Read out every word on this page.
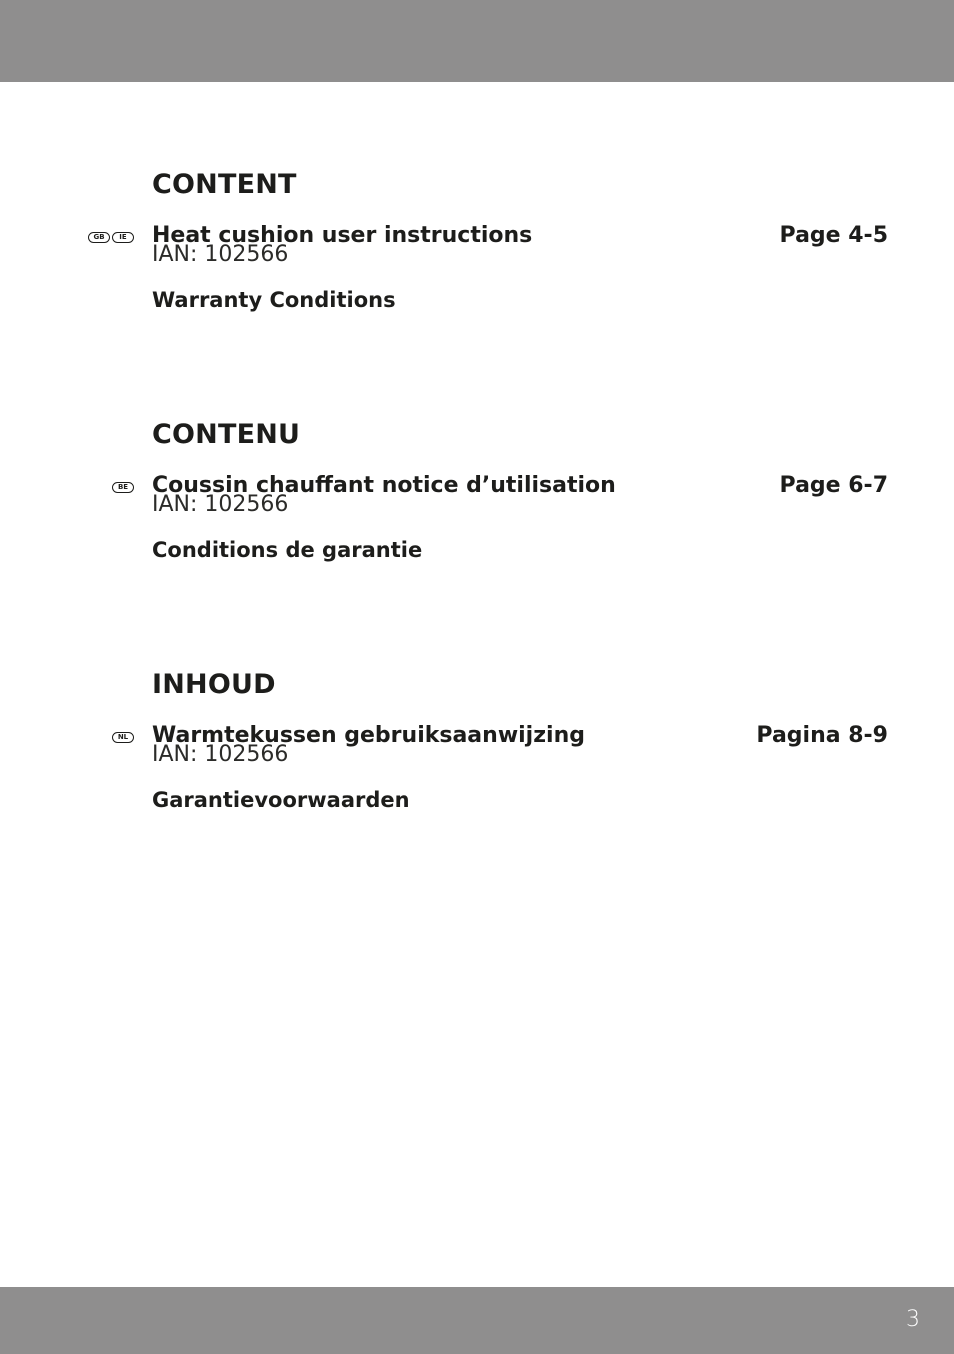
CONTENT
GB	IE	Heat cushion user instructions	Page 4-5
IAN: 102566
Warranty Conditions
CONTENU
BE Coussin chauffant notice d’utilisation	Page 6-7
IAN: 102566
Conditions de garantie
INHOUD
NL Warmtekussen gebruiksaanwijzing	Pagina 8-9
IAN: 102566
Garantievoorwaarden
3
